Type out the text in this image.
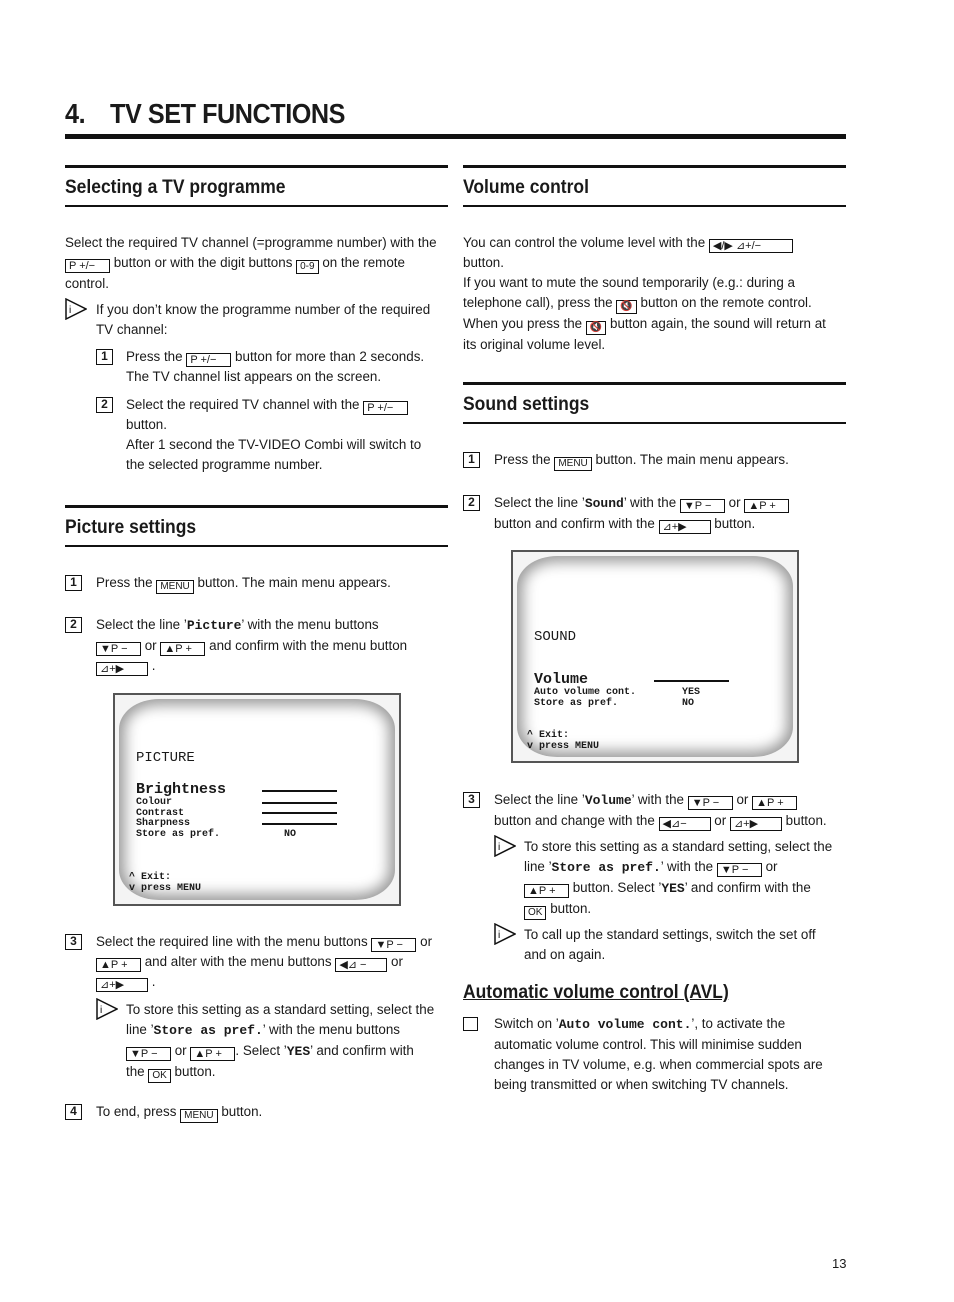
4. TV SET FUNCTIONS
Selecting a TV programme

Select the required TV channel (=programme number) with the

P +/− button or with the digit buttons 0-9 on the remote

control.

i If you don’t know the programme number of the required

TV channel:

1	Press the P +/− button for more than 2 seconds.

The TV channel list appears on the screen.

2	Select the required TV channel with the P +/−

button.

After 1 second the TV-VIDEO Combi will switch to

the selected programme number.

Picture settings
1	Press the MENU button. The main menu appears.

2	Select the line ’Picture’ with the menu buttons

▼P − or ▲P + and confirm with the menu button

⊿+▶ .

PICTURE
Brightness
Colour
Contrast
Sharpness
Store as pref.	NO
^ Exit:
v press MENU
3	Select the required line with the menu buttons ▼P − or

▲P + and alter with the menu buttons ◀⊿ − or

⊿+▶ .

i To store this setting as a standard setting, select the

line ’Store as pref.’ with the menu buttons

▼P − or ▲P + . Select ’YES’ and confirm with

the OK button.

4	To end, press MENU button.

Volume control

You can control the volume level with the ◀/▶ ⊿+/−

button.

If you want to mute the sound temporarily (e.g.: during a

telephone call), press the 🔇 button on the remote control.

When you press the 🔇 button again, the sound will return at

its original volume level.

Sound settings
1	Press the MENU button. The main menu appears.

2	Select the line ’Sound’ with the ▼P − or ▲P +

button and confirm with the ⊿+▶ button.

SOUND
Volume
Auto volume cont.	YES
Store as pref.	NO
^ Exit:
v press MENU
3	Select the line ’Volume’ with the ▼P − or ▲P +

button and change with the ◀⊿− or ⊿+▶ button.

i To store this setting as a standard setting, select the

line ’Store as pref.’ with the ▼P − or

▲P + button. Select ’YES’ and confirm with the

OK button.

i To call up the standard settings, switch the set off

and on again.

Automatic volume control (AVL)

Switch on ’Auto volume cont.’, to activate the

automatic volume control. This will minimise sudden

changes in TV volume, e.g. when commercial spots are

being transmitted or when switching TV channels.

13
